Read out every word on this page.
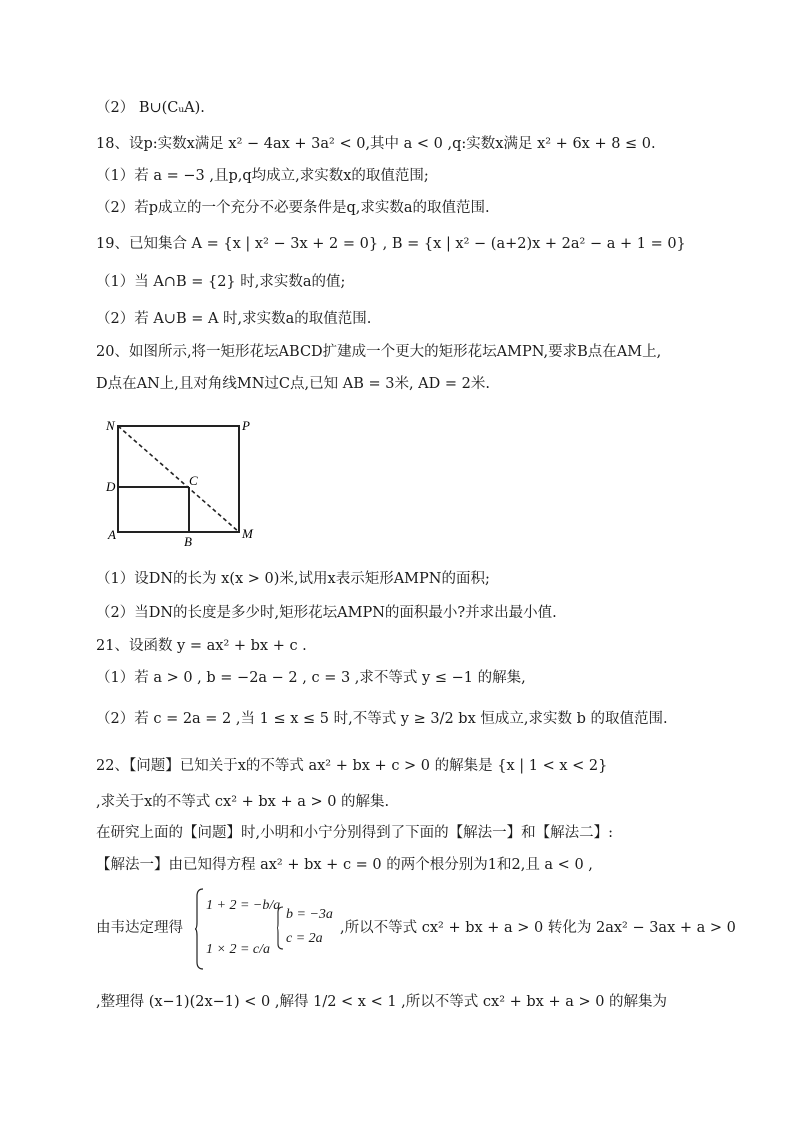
（2） B∪(CᵤA).
18、设p:实数x满足 x² − 4ax + 3a² < 0,其中 a < 0 ,q:实数x满足 x² + 6x + 8 ≤ 0.
（1）若 a = −3 ,且p,q均成立,求实数x的取值范围;
（2）若p成立的一个充分不必要条件是q,求实数a的取值范围.
19、已知集合 A = {x | x² − 3x + 2 = 0} , B = {x | x² − (a+2)x + 2a² − a + 1 = 0}
（1）当 A∩B = {2} 时,求实数a的值;
（2）若 A∪B = A 时,求实数a的取值范围.
20、如图所示,将一矩形花坛ABCD扩建成一个更大的矩形花坛AMPN,要求B点在AM上,
D点在AN上,且对角线MN过C点,已知 AB = 3米, AD = 2米.
N	P
D	C
A	B
M
（1）设DN的长为 x(x > 0)米,试用x表示矩形AMPN的面积;
（2）当DN的长度是多少时,矩形花坛AMPN的面积最小?并求出最小值.
21、设函数 y = ax² + bx + c .
（1）若 a > 0 , b = −2a − 2 , c = 3 ,求不等式 y ≤ −1 的解集,
（2）若 c = 2a = 2 ,当 1 ≤ x ≤ 5 时,不等式 y ≥ 3/2 bx 恒成立,求实数 b 的取值范围.
22、【问题】已知关于x的不等式 ax² + bx + c > 0 的解集是 {x | 1 < x < 2}
,求关于x的不等式 cx² + bx + a > 0 的解集.
在研究上面的【问题】时,小明和小宁分别得到了下面的【解法一】和【解法二】:
【解法一】由已知得方程 ax² + bx + c = 0 的两个根分别为1和2,且 a < 0 ,
由韦达定理得
1 + 2 = −b/a
1 × 2 = c/a
b = −3a
c = 2a
,所以不等式 cx² + bx + a > 0 转化为 2ax² − 3ax + a > 0
,整理得 (x−1)(2x−1) < 0 ,解得 1/2 < x < 1 ,所以不等式 cx² + bx + a > 0 的解集为
